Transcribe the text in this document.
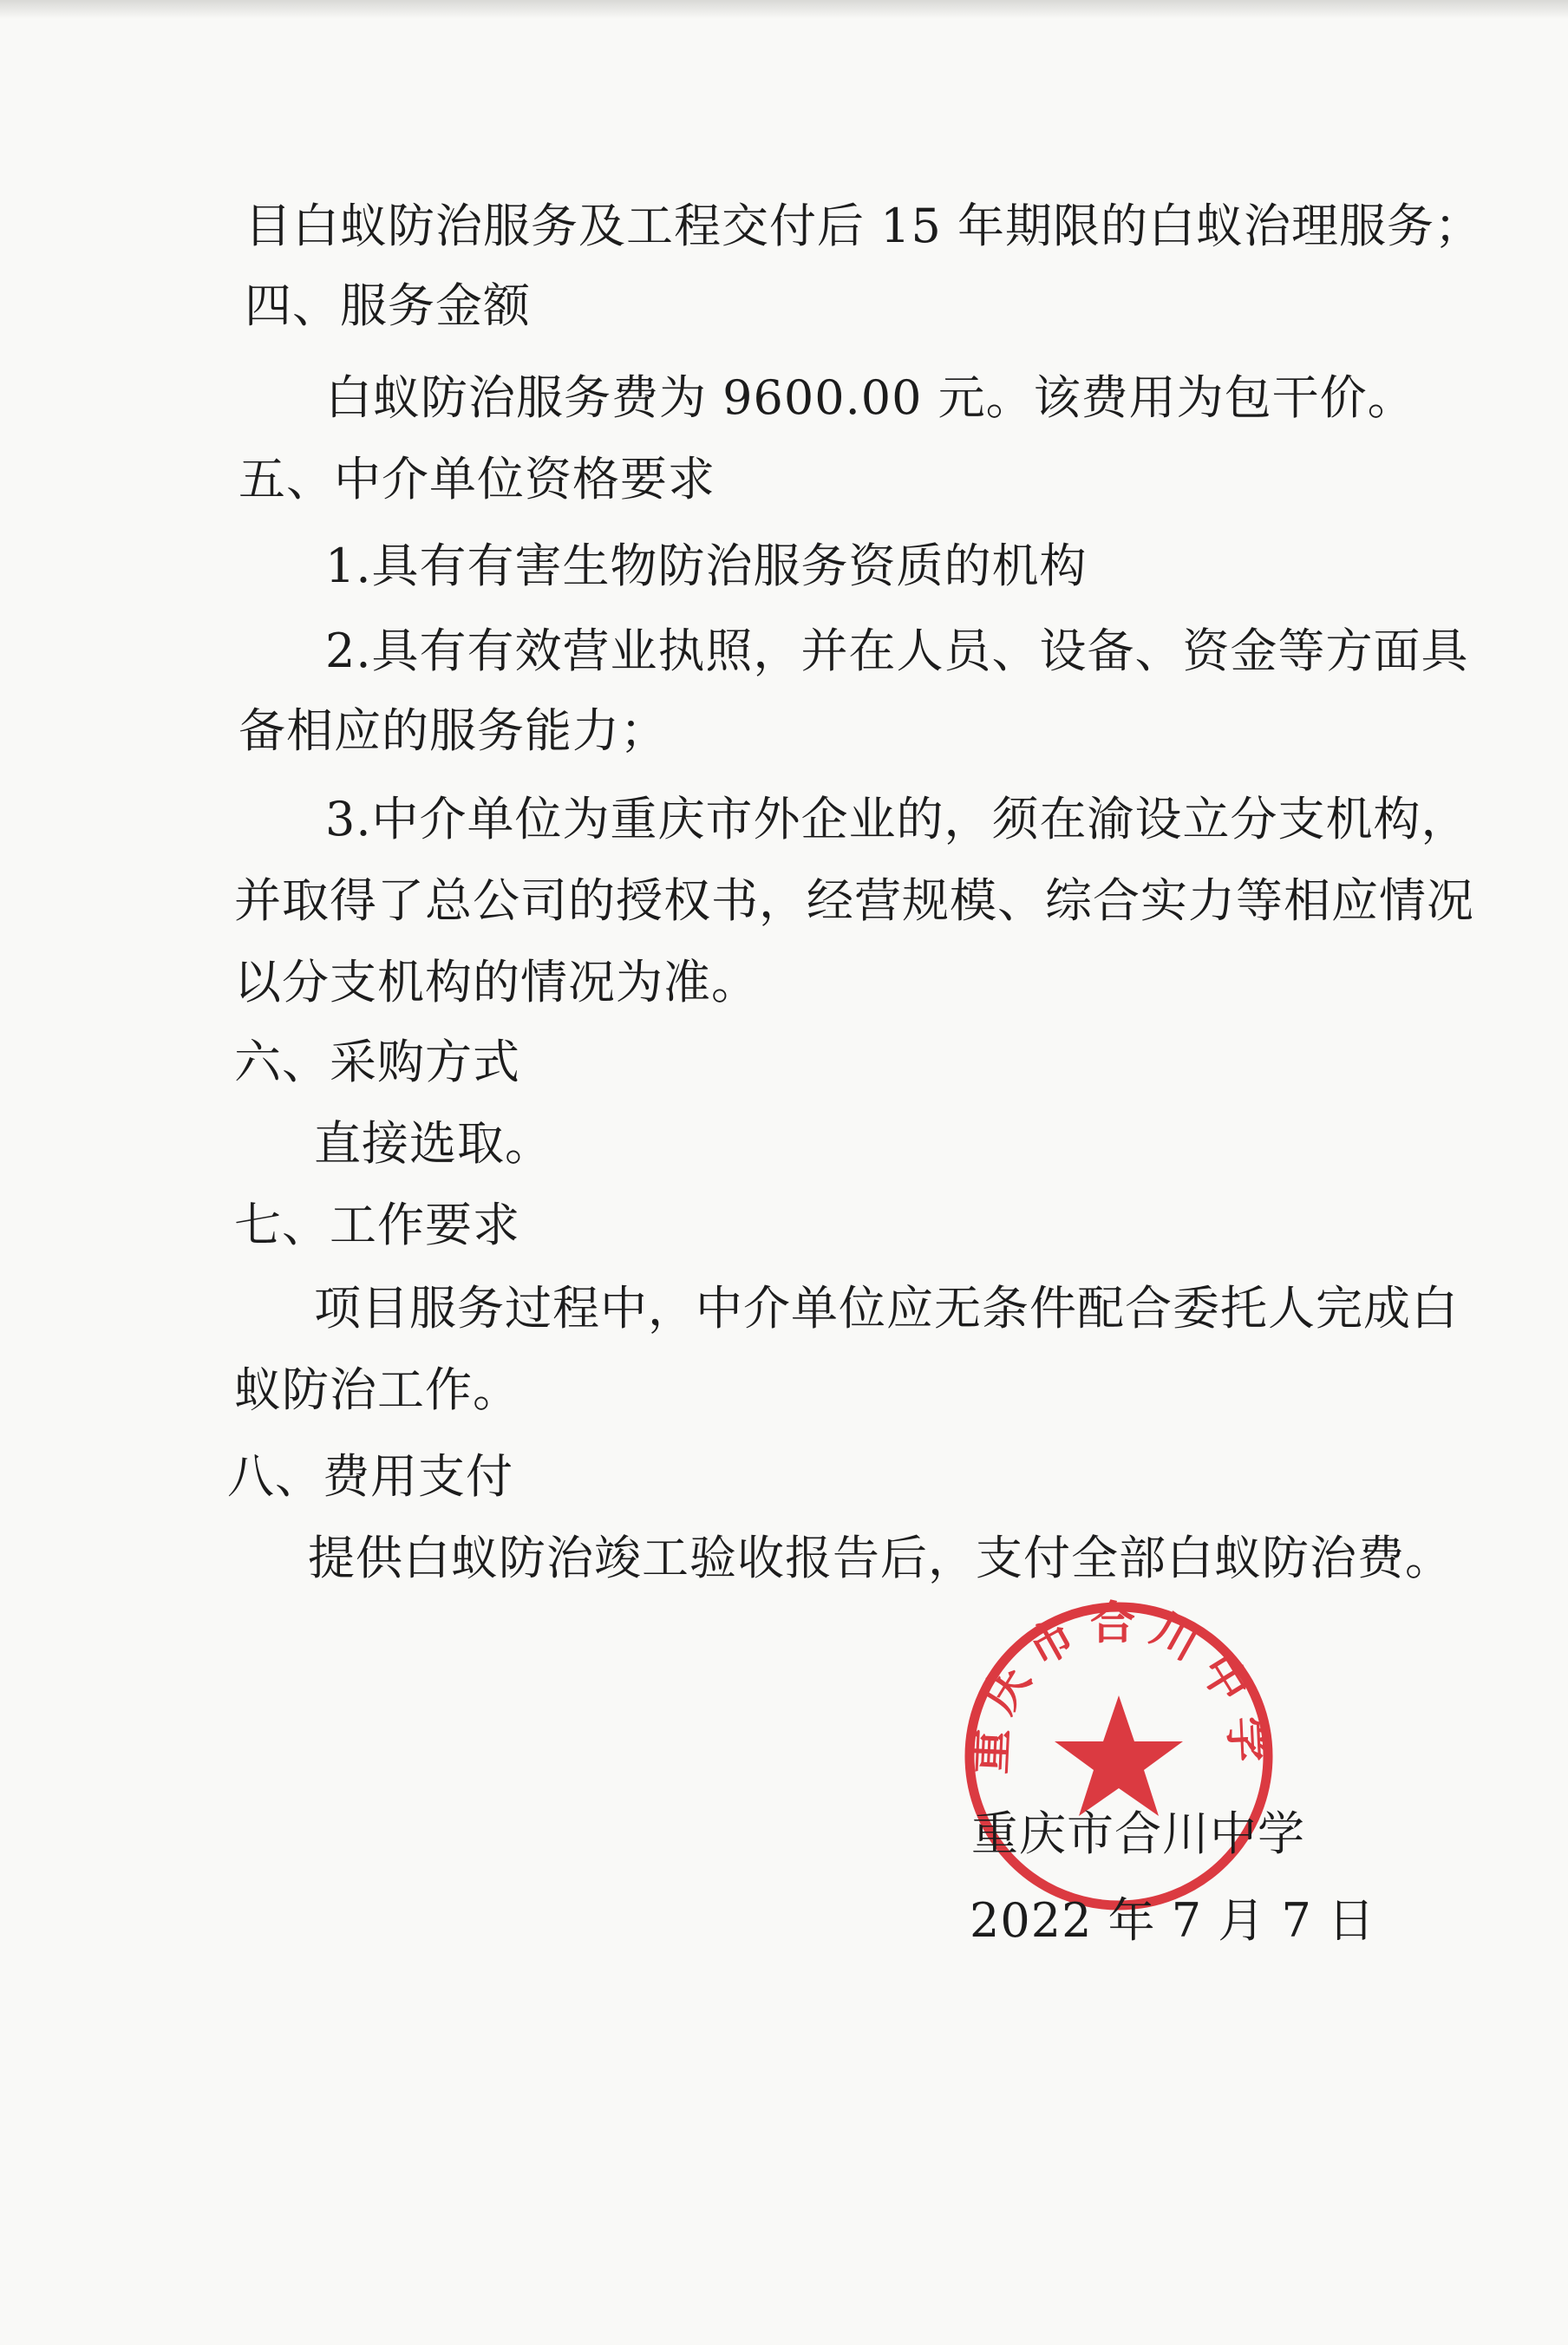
目白蚁防治服务及工程交付后 15 年期限的白蚁治理服务；
四、服务金额
白蚁防治服务费为 9600.00 元。该费用为包干价。
五、中介单位资格要求
1.具有有害生物防治服务资质的机构
2.具有有效营业执照，并在人员、设备、资金等方面具
备相应的服务能力；
3.中介单位为重庆市外企业的，须在渝设立分支机构，
并取得了总公司的授权书，经营规模、综合实力等相应情况
以分支机构的情况为准。
六、采购方式
直接选取。
七、工作要求
项目服务过程中，中介单位应无条件配合委托人完成白
蚁防治工作。
八、费用支付
提供白蚁防治竣工验收报告后，支付全部白蚁防治费。
重庆市合川中学
重庆市合川中学
2022 年 7 月 7 日
